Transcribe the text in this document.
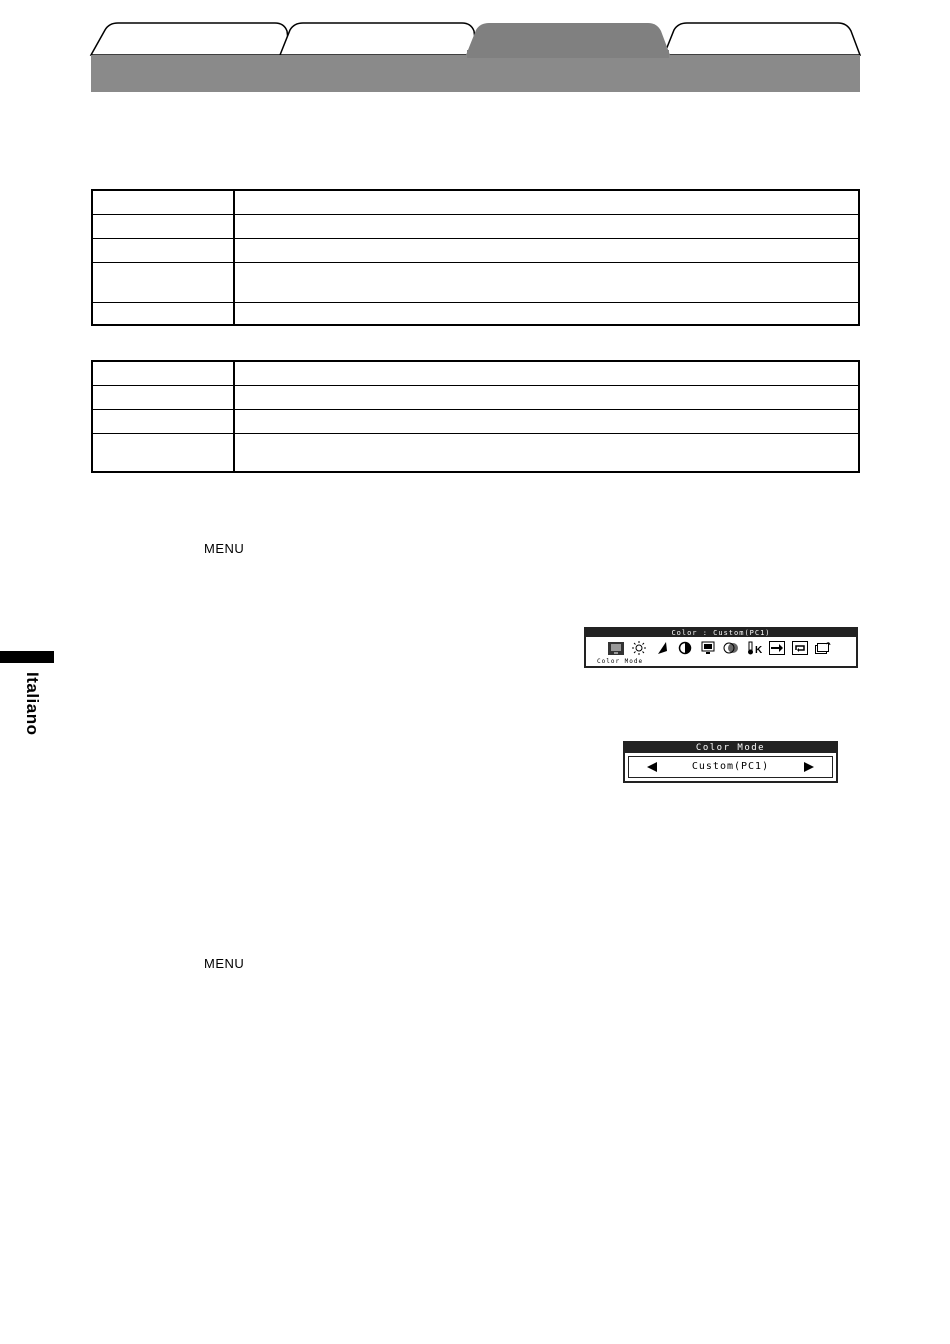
MENU
MENU
Italiano
Color : Custom(PC1)
K
Color Mode
Color Mode
Custom(PC1)
